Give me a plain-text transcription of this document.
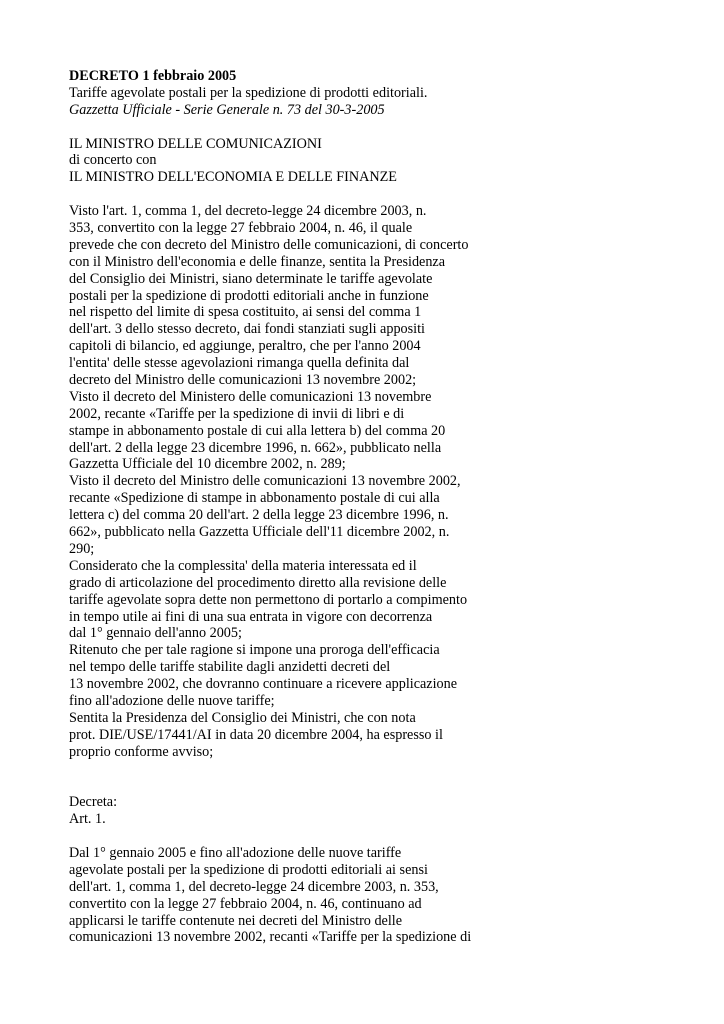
DECRETO 1 febbraio 2005
Tariffe agevolate postali per la spedizione di prodotti editoriali.
Gazzetta Ufficiale - Serie Generale n. 73 del 30-3-2005
IL MINISTRO DELLE COMUNICAZIONI
di concerto con
IL MINISTRO DELL'ECONOMIA E DELLE FINANZE
Visto l'art. 1, comma 1, del decreto-legge 24 dicembre 2003, n.
353, convertito con la legge 27 febbraio 2004, n. 46, il quale
prevede che con decreto del Ministro delle comunicazioni, di concerto
con il Ministro dell'economia e delle finanze, sentita la Presidenza
del Consiglio dei Ministri, siano determinate le tariffe agevolate
postali per la spedizione di prodotti editoriali anche in funzione
nel rispetto del limite di spesa costituito, ai sensi del comma 1
dell'art. 3 dello stesso decreto, dai fondi stanziati sugli appositi
capitoli di bilancio, ed aggiunge, peraltro, che per l'anno 2004
l'entita' delle stesse agevolazioni rimanga quella definita dal
decreto del Ministro delle comunicazioni 13 novembre 2002;
Visto il decreto del Ministero delle comunicazioni 13 novembre
2002, recante «Tariffe per la spedizione di invii di libri e di
stampe in abbonamento postale di cui alla lettera b) del comma 20
dell'art. 2 della legge 23 dicembre 1996, n. 662», pubblicato nella
Gazzetta Ufficiale del 10 dicembre 2002, n. 289;
Visto il decreto del Ministro delle comunicazioni 13 novembre 2002,
recante «Spedizione di stampe in abbonamento postale di cui alla
lettera c) del comma 20 dell'art. 2 della legge 23 dicembre 1996, n.
662», pubblicato nella Gazzetta Ufficiale dell'11 dicembre 2002, n.
290;
Considerato che la complessita' della materia interessata ed il
grado di articolazione del procedimento diretto alla revisione delle
tariffe agevolate sopra dette non permettono di portarlo a compimento
in tempo utile ai fini di una sua entrata in vigore con decorrenza
dal 1° gennaio dell'anno 2005;
Ritenuto che per tale ragione si impone una proroga dell'efficacia
nel tempo delle tariffe stabilite dagli anzidetti decreti del
13 novembre 2002, che dovranno continuare a ricevere applicazione
fino all'adozione delle nuove tariffe;
Sentita la Presidenza del Consiglio dei Ministri, che con nota
prot. DIE/USE/17441/AI in data 20 dicembre 2004, ha espresso il
proprio conforme avviso;
Decreta:
Art. 1.
Dal 1° gennaio 2005 e fino all'adozione delle nuove tariffe
agevolate postali per la spedizione di prodotti editoriali ai sensi
dell'art. 1, comma 1, del decreto-legge 24 dicembre 2003, n. 353,
convertito con la legge 27 febbraio 2004, n. 46, continuano ad
applicarsi le tariffe contenute nei decreti del Ministro delle
comunicazioni 13 novembre 2002, recanti «Tariffe per la spedizione di
